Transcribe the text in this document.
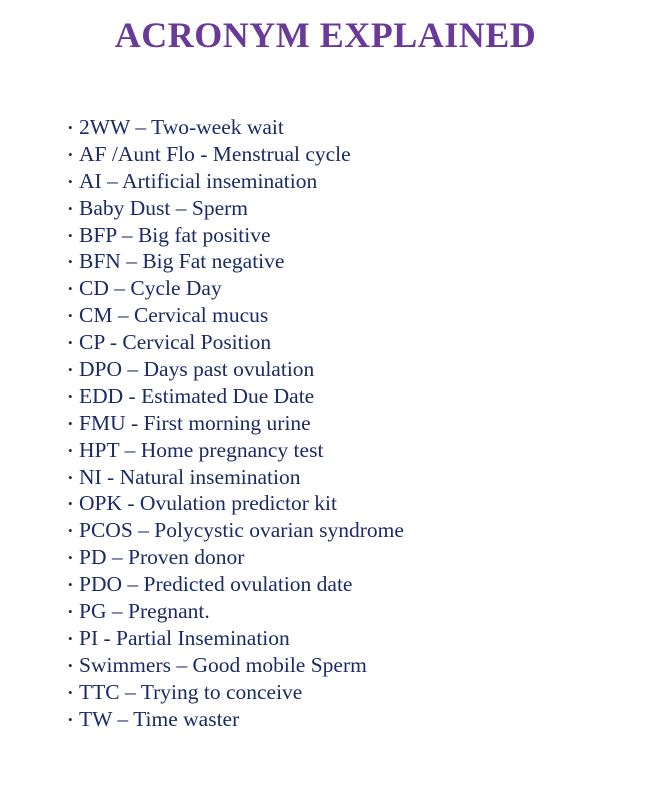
ACRONYM EXPLAINED
• 2WW – Two-week wait
• AF /Aunt Flo - Menstrual cycle
• AI – Artificial insemination
• Baby Dust – Sperm
• BFP – Big fat positive
• BFN – Big Fat negative
• CD – Cycle Day
• CM – Cervical mucus
• CP - Cervical Position
• DPO – Days past ovulation
• EDD - Estimated Due Date
• FMU - First morning urine
• HPT – Home pregnancy test
• NI - Natural insemination
• OPK - Ovulation predictor kit
• PCOS – Polycystic ovarian syndrome
• PD – Proven donor
• PDO – Predicted ovulation date
• PG – Pregnant.
• PI - Partial Insemination
• Swimmers – Good mobile Sperm
• TTC – Trying to conceive
• TW – Time waster
